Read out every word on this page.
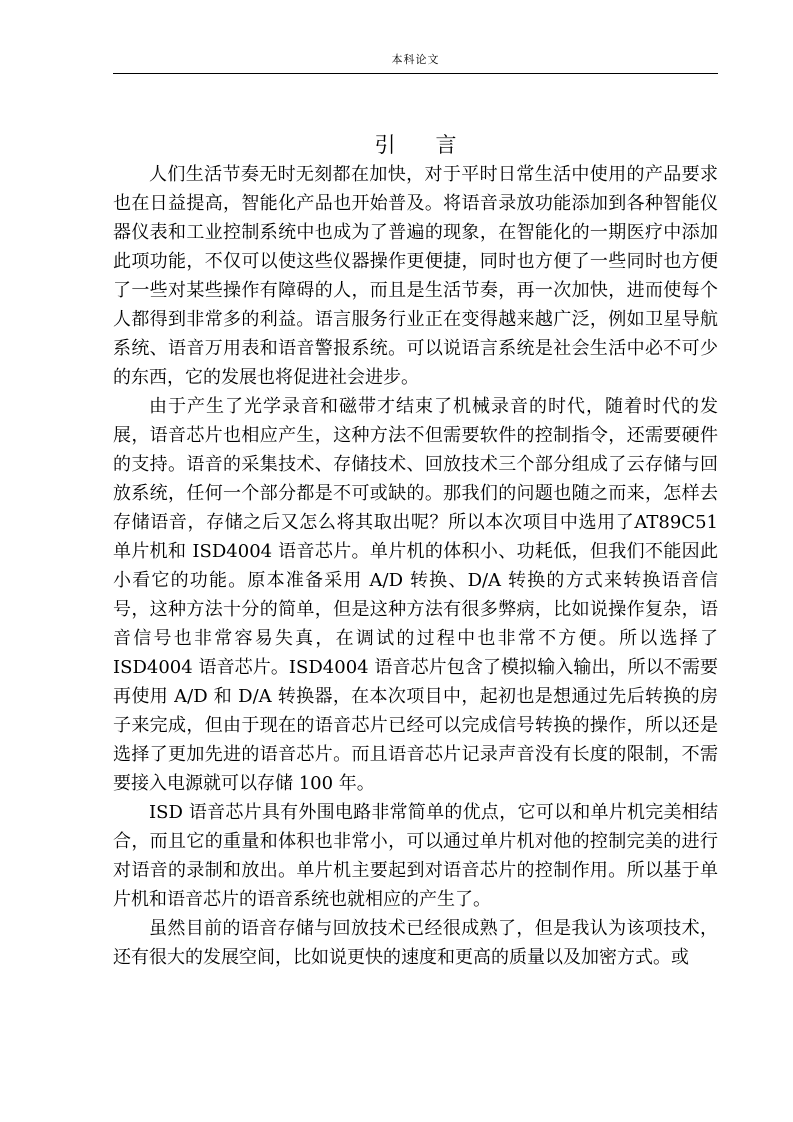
本科论文
引 言

人们生活节奏无时无刻都在加快，对于平时日常生活中使用的产品要求也在日益提高，智能化产品也开始普及。将语音录放功能添加到各种智能仪器仪表和工业控制系统中也成为了普遍的现象，在智能化的一期医疗中添加此项功能，不仅可以使这些仪器操作更便捷，同时也方便了一些同时也方便了一些对某些操作有障碍的人，而且是生活节奏，再一次加快，进而使每个人都得到非常多的利益。语言服务行业正在变得越来越广泛，例如卫星导航系统、语音万用表和语音警报系统。可以说语言系统是社会生活中必不可少的东西，它的发展也将促进社会进步。

由于产生了光学录音和磁带才结束了机械录音的时代，随着时代的发展，语音芯片也相应产生，这种方法不但需要软件的控制指令，还需要硬件的支持。语音的采集技术、存储技术、回放技术三个部分组成了云存储与回放系统，任何一个部分都是不可或缺的。那我们的问题也随之而来，怎样去存储语音，存储之后又怎么将其取出呢？所以本次项目中选用了AT89C51 单片机和 ISD4004 语音芯片。单片机的体积小、功耗低，但我们不能因此小看它的功能。原本准备采用 A/D 转换、D/A 转换的方式来转换语音信号，这种方法十分的简单，但是这种方法有很多弊病，比如说操作复杂，语音信号也非常容易失真，在调试的过程中也非常不方便。所以选择了 ISD4004 语音芯片。ISD4004 语音芯片包含了模拟输入输出，所以不需要再使用 A/D 和 D/A 转换器，在本次项目中，起初也是想通过先后转换的房子来完成，但由于现在的语音芯片已经可以完成信号转换的操作，所以还是选择了更加先进的语音芯片。而且语音芯片记录声音没有长度的限制，不需要接入电源就可以存储 100 年。

ISD 语音芯片具有外围电路非常简单的优点，它可以和单片机完美相结合，而且它的重量和体积也非常小，可以通过单片机对他的控制完美的进行对语音的录制和放出。单片机主要起到对语音芯片的控制作用。所以基于单片机和语音芯片的语音系统也就相应的产生了。

虽然目前的语音存储与回放技术已经很成熟了，但是我认为该项技术，还有很大的发展空间，比如说更快的速度和更高的质量以及加密方式。或
